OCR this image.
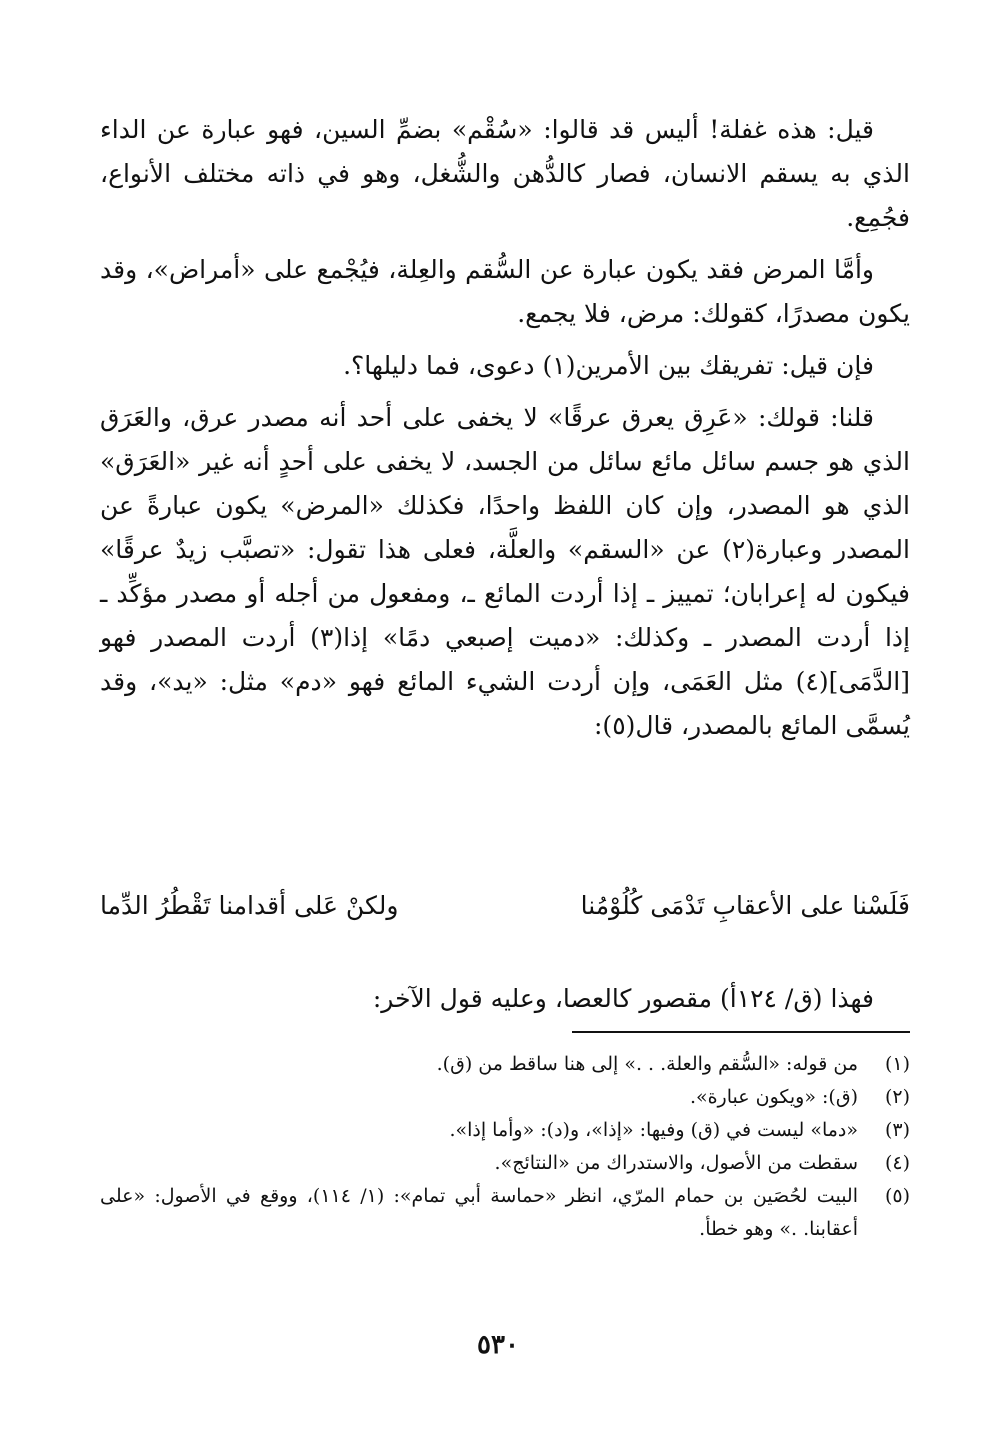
قيل: هذه غفلة! أليس قد قالوا: «سُقْم» بضمِّ السين، فهو عبارة عن الداء الذي به يسقم الانسان، فصار كالدُّهن والشُّغل، وهو في ذاته مختلف الأنواع، فجُمِع.

وأمَّا المرض فقد يكون عبارة عن السُّقم والعِلة، فيُجْمع على «أمراض»، وقد يكون مصدرًا، كقولك: مرض، فلا يجمع.

فإن قيل: تفريقك بين الأمرين(١) دعوى، فما دليلها؟.

قلنا: قولك: «عَرِق يعرق عرقًا» لا يخفى على أحد أنه مصدر عرق، والعَرَق الذي هو جسم سائل مائع سائل من الجسد، لا يخفى على أحدٍ أنه غير «العَرَق» الذي هو المصدر، وإن كان اللفظ واحدًا، فكذلك «المرض» يكون عبارةً عن المصدر وعبارة(٢) عن «السقم» والعلَّة، فعلى هذا تقول: «تصبَّب زيدٌ عرقًا» فيكون له إعرابان؛ تمييز ـ إذا أردت المائع ـ، ومفعول من أجله أو مصدر مؤكِّد ـ إذا أردت المصدر ـ وكذلك: «دميت إصبعي دمًا» إذا(٣) أردت المصدر فهو [الدَّمَى](٤) مثل العَمَى، وإن أردت الشيء المائع فهو «دم» مثل: «يد»، وقد يُسمَّى المائع بالمصدر، قال(٥):

فَلَسْنا على الأعقابِ تَدْمَى كُلُوْمُنا
ولكنْ عَلى أقدامنا تَقْطُرُ الدِّما

فهذا (ق/ ١٢٤أ) مقصور كالعصا، وعليه قول الآخر:

(١)
من قوله: «السُّقم والعلة. . .» إلى هنا ساقط من (ق).
(٢)
(ق): «ويكون عبارة».
(٣)
«دما» ليست في (ق) وفيها: «إذا»، و(د): «وأما إذا».
(٤)
سقطت من الأصول، والاستدراك من «النتائج».
(٥)
البيت لحُصَين بن حمام المرّي، انظر «حماسة أبي تمام»: (١/ ١١٤)، ووقع في الأصول: «على أعقابنا. .» وهو خطأ.
٥٣٠
